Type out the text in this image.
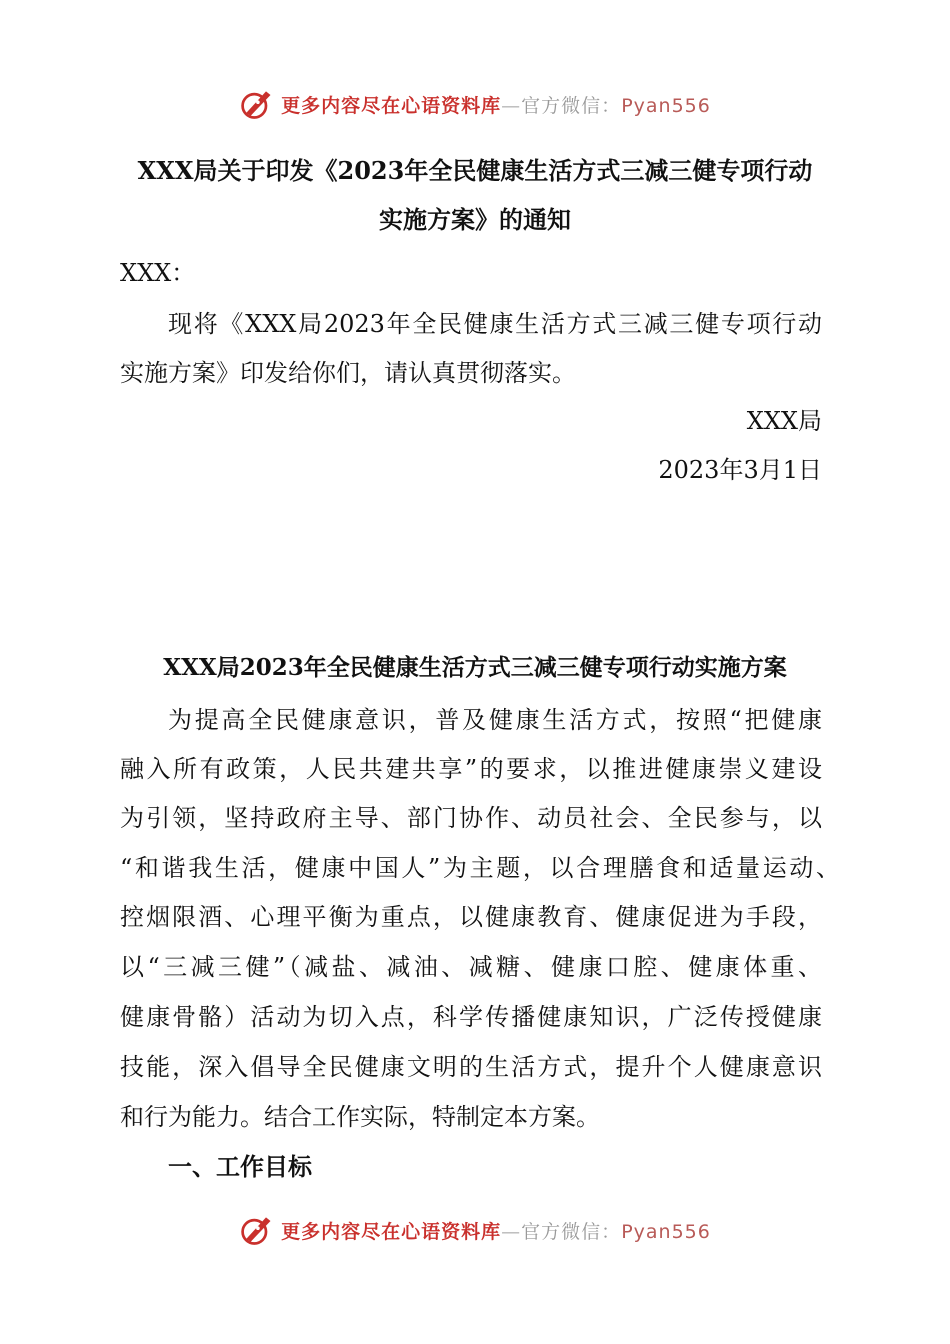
更多内容尽在心语资料库—官方微信：Pyan556
XXX局关于印发《2023年全民健康生活方式三减三健专项行动
实施方案》的通知
XXX：
现将《XXX局2023年全民健康生活方式三减三健专项行动
实施方案》印发给你们，请认真贯彻落实。
XXX局
2023年3月1日
XXX局2023年全民健康生活方式三减三健专项行动实施方案
为提高全民健康意识，普及健康生活方式，按照“把健康
融入所有政策，人民共建共享”的要求，以推进健康崇义建设
为引领，坚持政府主导、部门协作、动员社会、全民参与，以
“和谐我生活，健康中国人”为主题，以合理膳食和适量运动、
控烟限酒、心理平衡为重点，以健康教育、健康促进为手段，
以“三减三健”（减盐、减油、减糖、健康口腔、健康体重、
健康骨骼）活动为切入点，科学传播健康知识，广泛传授健康
技能，深入倡导全民健康文明的生活方式，提升个人健康意识
和行为能力。结合工作实际，特制定本方案。
一、工作目标
更多内容尽在心语资料库—官方微信：Pyan556
